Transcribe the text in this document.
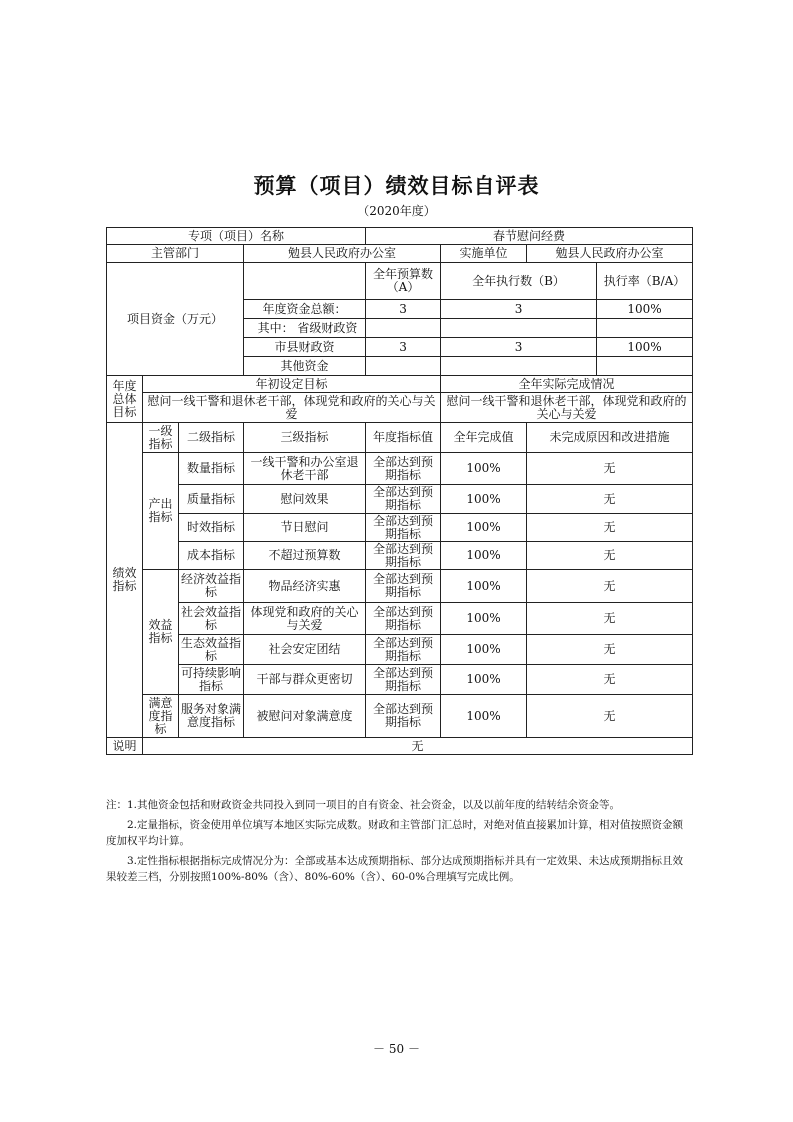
预算（项目）绩效目标自评表
（2020年度）
专项（项目）名称				春节慰问经费			
主管部门			勉县人民政府办公室		实施单位	勉县人民政府办公室	
项目资金（万元）				全年预算数（A）	全年执行数（B）		执行率（B/A）
			年度资金总额：	3	3		100%
			其中： 省级财政资				
			市县财政资	3	3		100%
			其他资金				
年度总体目标	年初设定目标				全年实际完成情况		
	慰问一线干警和退休老干部，体现党和政府的关心与关爱				慰问一线干警和退休老干部，体现党和政府的关心与关爱		
绩效指标	一级指标	二级指标	三级指标	年度指标值	全年完成值	未完成原因和改进措施	
	产出指标	数量指标	一线干警和办公室退休老干部	全部达到预期指标	100%	无	
		质量指标	慰问效果	全部达到预期指标	100%	无	
		时效指标	节日慰问	全部达到预期指标	100%	无	
		成本指标	不超过预算数	全部达到预期指标	100%	无	
	效益指标	经济效益指标	物品经济实惠	全部达到预期指标	100%	无	
		社会效益指标	体现党和政府的关心与关爱	全部达到预期指标	100%	无	
		生态效益指标	社会安定团结	全部达到预期指标	100%	无	
		可持续影响指标	干部与群众更密切	全部达到预期指标	100%	无	
	满意度指标	服务对象满意度指标	被慰问对象满意度	全部达到预期指标	100%	无	
说明	无						

注：1.其他资金包括和财政资金共同投入到同一项目的自有资金、社会资金，以及以前年度的结转结余资金等。

2.定量指标，资金使用单位填写本地区实际完成数。财政和主管部门汇总时，对绝对值直接累加计算，相对值按照资金额度加权平均计算。

3.定性指标根据指标完成情况分为：全部或基本达成预期指标、部分达成预期指标并具有一定效果、未达成预期指标且效果较差三档，分别按照100%-80%（含）、80%-60%（含）、60-0%合理填写完成比例。

－ 50 －
